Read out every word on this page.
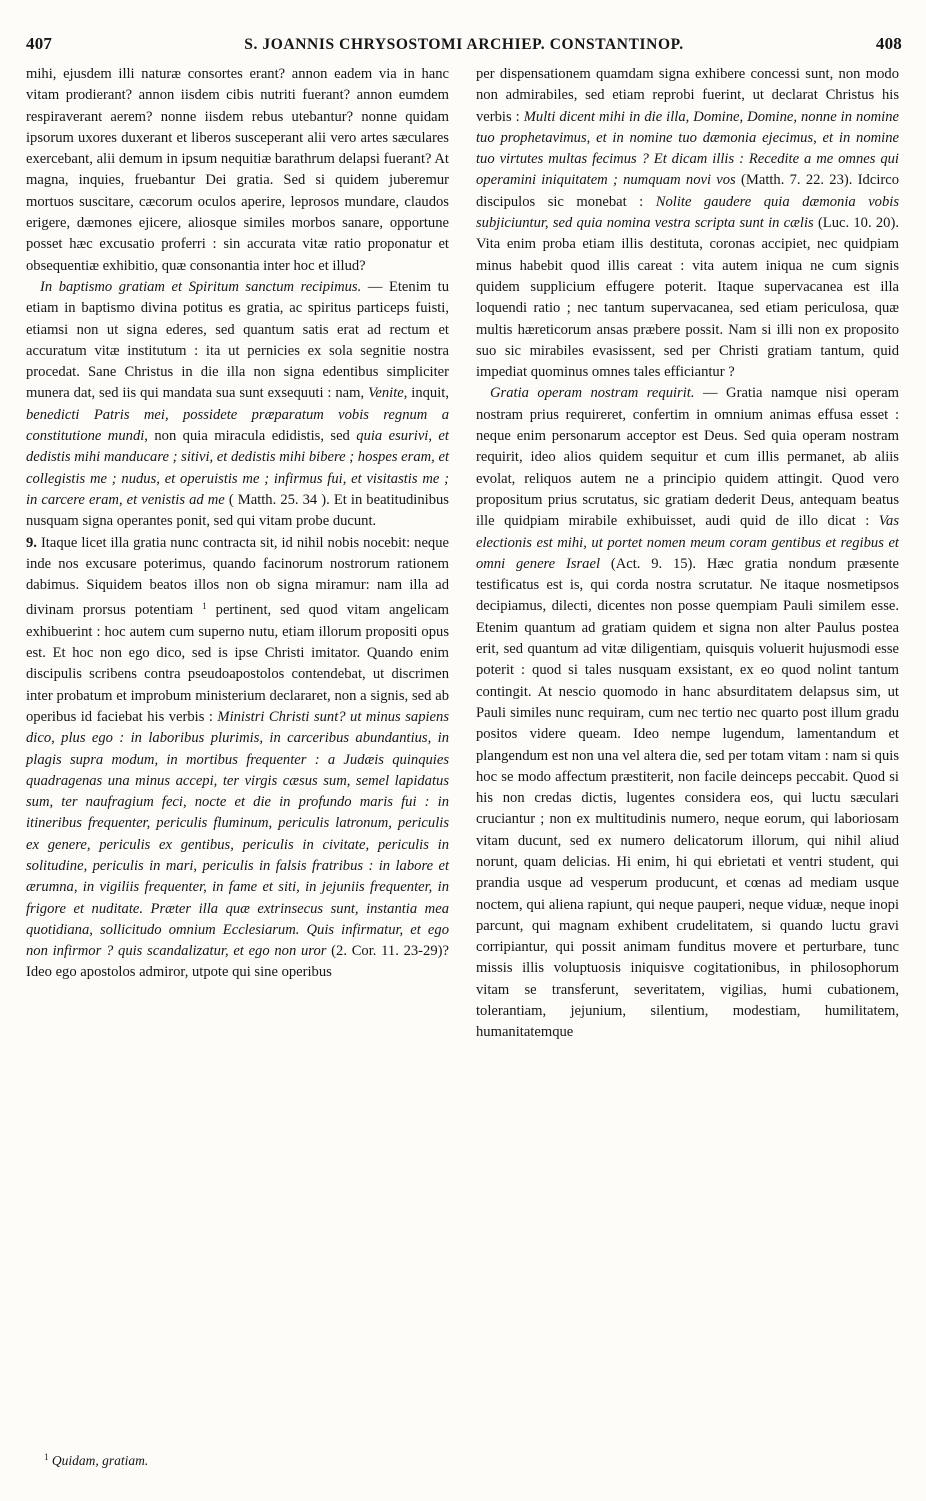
407	S. JOANNIS CHRYSOSTOMI ARCHIEP. CONSTANTINOP.	408

mihi, ejusdem illi naturæ consortes erant? annon eadem via in hanc vitam prodierant? annon iisdem cibis nutriti fuerant? annon eumdem respiraverant aerem? nonne iisdem rebus utebantur? nonne quidam ipsorum uxores duxerant et liberos susceperant alii vero artes sæculares exercebant, alii demum in ipsum nequitiæ barathrum delapsi fuerant? At magna, inquies, fruebantur Dei gratia. Sed si quidem juberemur mortuos suscitare, cæcorum oculos aperire, leprosos mundare, claudos erigere, dæmones ejicere, aliosque similes morbos sanare, opportune posset hæc excusatio proferri : sin accurata vitæ ratio proponatur et obsequentiæ exhibitio, quæ consonantia inter hoc et illud?

In baptismo gratiam et Spiritum sanctum recipimus. — Etenim tu etiam in baptismo divina potitus es gratia, ac spiritus particeps fuisti, etiamsi non ut signa ederes, sed quantum satis erat ad rectum et accuratum vitæ institutum : ita ut pernicies ex sola segnitie nostra procedat. Sane Christus in die illa non signa edentibus simpliciter munera dat, sed iis qui mandata sua sunt exsequuti : nam, Venite, inquit, benedicti Patris mei, possidete præparatum vobis regnum a constitutione mundi, non quia miracula edidistis, sed quia esurivi, et dedistis mihi manducare ; sitivi, et dedistis mihi bibere ; hospes eram, et collegistis me ; nudus, et operuistis me ; infirmus fui, et visitastis me ; in carcere eram, et venistis ad me ( Matth. 25. 34 ). Et in beatitudinibus nusquam signa operantes ponit, sed qui vitam probe ducunt.

9. Itaque licet illa gratia nunc contracta sit, id nihil nobis nocebit: neque inde nos excusare poterimus, quando facinorum nostrorum rationem dabimus. Siquidem beatos illos non ob signa miramur: nam illa ad divinam prorsus potentiam $^1$ pertinent, sed quod vitam angelicam exhibuerint : hoc autem cum superno nutu, etiam illorum propositi opus est. Et hoc non ego dico, sed is ipse Christi imitator. Quando enim discipulis scribens contra pseudoapostolos contendebat, ut discrimen inter probatum et improbum ministerium declararet, non a signis, sed ab operibus id faciebat his verbis : Ministri Christi sunt? ut minus sapiens dico, plus ego : in laboribus plurimis, in carceribus abundantius, in plagis supra modum, in mortibus frequenter : a Judæis quinquies quadragenas una minus accepi, ter virgis cæsus sum, semel lapidatus sum, ter naufragium feci, nocte et die in profundo maris fui : in itineribus frequenter, periculis fluminum, periculis latronum, periculis ex genere, periculis ex gentibus, periculis in civitate, periculis in solitudine, periculis in mari, periculis in falsis fratribus : in labore et ærumna, in vigiliis frequenter, in fame et siti, in jejuniis frequenter, in frigore et nuditate. Præter illa quæ extrinsecus sunt, instantia mea quotidiana, sollicitudo omnium Ecclesiarum. Quis infirmatur, et ego non infirmor ? quis scandalizatur, et ego non uror (2. Cor. 11. 23-29)? Ideo ego apostolos admiror, utpote qui sine operibus

per dispensationem quamdam signa exhibere concessi sunt, non modo non admirabiles, sed etiam reprobi fuerint, ut declarat Christus his verbis : Multi dicent mihi in die illa, Domine, Domine, nonne in nomine tuo prophetavimus, et in nomine tuo dæmonia ejecimus, et in nomine tuo virtutes multas fecimus ? Et dicam illis : Recedite a me omnes qui operamini iniquitatem ; numquam novi vos (Matth. 7. 22. 23). Idcirco discipulos sic monebat : Nolite gaudere quia dæmonia vobis subjiciuntur, sed quia nomina vestra scripta sunt in cælis (Luc. 10. 20). Vita enim proba etiam illis destituta, coronas accipiet, nec quidpiam minus habebit quod illis careat : vita autem iniqua ne cum signis quidem supplicium effugere poterit. Itaque supervacanea est illa loquendi ratio ; nec tantum supervacanea, sed etiam periculosa, quæ multis hæreticorum ansas præbere possit. Nam si illi non ex proposito suo sic mirabiles evasissent, sed per Christi gratiam tantum, quid impediat quominus omnes tales efficiantur ?

Gratia operam nostram requirit. — Gratia namque nisi operam nostram prius requireret, confertim in omnium animas effusa esset : neque enim personarum acceptor est Deus. Sed quia operam nostram requirit, ideo alios quidem sequitur et cum illis permanet, ab aliis evolat, reliquos autem ne a principio quidem attingit. Quod vero propositum prius scrutatus, sic gratiam dederit Deus, antequam beatus ille quidpiam mirabile exhibuisset, audi quid de illo dicat : Vas electionis est mihi, ut portet nomen meum coram gentibus et regibus et omni genere Israel (Act. 9. 15). Hæc gratia nondum præsente testificatus est is, qui corda nostra scrutatur. Ne itaque nosmetipsos decipiamus, dilecti, dicentes non posse quempiam Pauli similem esse. Etenim quantum ad gratiam quidem et signa non alter Paulus postea erit, sed quantum ad vitæ diligentiam, quisquis voluerit hujusmodi esse poterit : quod si tales nusquam exsistant, ex eo quod nolint tantum contingit. At nescio quomodo in hanc absurditatem delapsus sim, ut Pauli similes nunc requiram, cum nec tertio nec quarto post illum gradu positos videre queam. Ideo nempe lugendum, lamentandum et plangendum est non una vel altera die, sed per totam vitam : nam si quis hoc se modo affectum præstiterit, non facile deinceps peccabit. Quod si his non credas dictis, lugentes considera eos, qui luctu sæculari cruciantur ; non ex multitudinis numero, neque eorum, qui laboriosam vitam ducunt, sed ex numero delicatorum illorum, qui nihil aliud norunt, quam delicias. Hi enim, hi qui ebrietati et ventri student, qui prandia usque ad vesperum producunt, et cœnas ad mediam usque noctem, qui aliena rapiunt, qui neque pauperi, neque viduæ, neque inopi parcunt, qui magnam exhibent crudelitatem, si quando luctu gravi corripiantur, qui possit animam funditus movere et perturbare, tunc missis illis voluptuosis iniquisve cogitationibus, in philosophorum vitam se transferunt, severitatem, vigilias, humi cubationem, tolerantiam, jejunium, silentium, modestiam, humilitatem, humanitatemque

$^1$ Quidam, gratiam.
